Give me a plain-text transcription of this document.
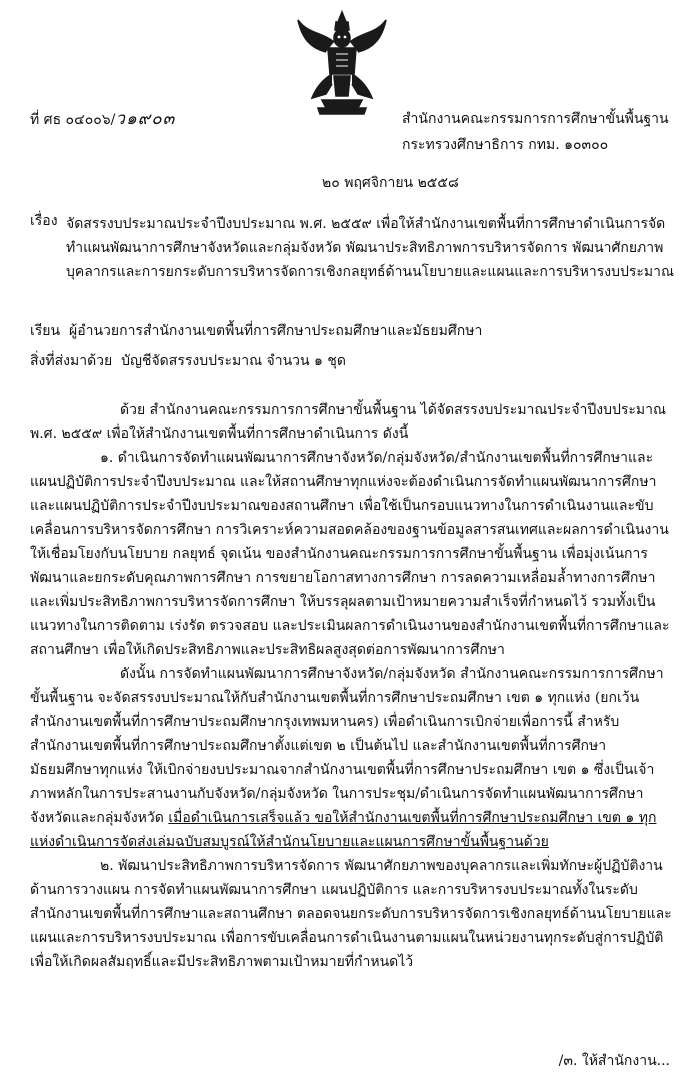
ที่ ศธ ๐๔๐๐๖/ว๑๙๐๓	สำนักงานคณะกรรมการการศึกษาขั้นพื้นฐาน
กระทรวงศึกษาธิการ กทม. ๑๐๓๐๐
๒๐ พฤศจิกายน ๒๕๕๘
เรื่อง จัดสรรงบประมาณประจำปีงบประมาณ พ.ศ. ๒๕๕๙ เพื่อให้สำนักงานเขตพื้นที่การศึกษาดำเนินการจัดทำแผนพัฒนาการศึกษาจังหวัดและกลุ่มจังหวัด พัฒนาประสิทธิภาพการบริหารจัดการ พัฒนาศักยภาพบุคลากรและการยกระดับการบริหารจัดการเชิงกลยุทธ์ด้านนโยบายและแผนและการบริหารงบประมาณ
เรียน ผู้อำนวยการสำนักงานเขตพื้นที่การศึกษาประถมศึกษาและมัธยมศึกษา
สิ่งที่ส่งมาด้วย บัญชีจัดสรรงบประมาณ จำนวน ๑ ชุด

ด้วย สำนักงานคณะกรรมการการศึกษาขั้นพื้นฐาน ได้จัดสรรงบประมาณประจำปีงบประมาณ พ.ศ. ๒๕๕๙ เพื่อให้สำนักงานเขตพื้นที่การศึกษาดำเนินการ ดังนี้

๑. ดำเนินการจัดทำแผนพัฒนาการศึกษาจังหวัด/กลุ่มจังหวัด/สำนักงานเขตพื้นที่การศึกษาและแผนปฏิบัติการประจำปีงบประมาณ และให้สถานศึกษาทุกแห่งจะต้องดำเนินการจัดทำแผนพัฒนาการศึกษาและแผนปฏิบัติการประจำปีงบประมาณของสถานศึกษา เพื่อใช้เป็นกรอบแนวทางในการดำเนินงานและขับเคลื่อนการบริหารจัดการศึกษา การวิเคราะห์ความสอดคล้องของฐานข้อมูลสารสนเทศและผลการดำเนินงานให้เชื่อมโยงกับนโยบาย กลยุทธ์ จุดเน้น ของสำนักงานคณะกรรมการการศึกษาขั้นพื้นฐาน เพื่อมุ่งเน้นการพัฒนาและยกระดับคุณภาพการศึกษา การขยายโอกาสทางการศึกษา การลดความเหลื่อมล้ำทางการศึกษา และเพิ่มประสิทธิภาพการบริหารจัดการศึกษา ให้บรรลุผลตามเป้าหมายความสำเร็จที่กำหนดไว้ รวมทั้งเป็นแนวทางในการติดตาม เร่งรัด ตรวจสอบ และประเมินผลการดำเนินงานของสำนักงานเขตพื้นที่การศึกษาและสถานศึกษา เพื่อให้เกิดประสิทธิภาพและประสิทธิผลสูงสุดต่อการพัฒนาการศึกษา

ดังนั้น การจัดทำแผนพัฒนาการศึกษาจังหวัด/กลุ่มจังหวัด สำนักงานคณะกรรมการการศึกษาขั้นพื้นฐาน จะจัดสรรงบประมาณให้กับสำนักงานเขตพื้นที่การศึกษาประถมศึกษา เขต ๑ ทุกแห่ง (ยกเว้นสำนักงานเขตพื้นที่การศึกษาประถมศึกษากรุงเทพมหานคร) เพื่อดำเนินการเบิกจ่ายเพื่อการนี้ สำหรับสำนักงานเขตพื้นที่การศึกษาประถมศึกษาตั้งแต่เขต ๒ เป็นต้นไป และสำนักงานเขตพื้นที่การศึกษามัธยมศึกษาทุกแห่ง ให้เบิกจ่ายงบประมาณจากสำนักงานเขตพื้นที่การศึกษาประถมศึกษา เขต ๑ ซึ่งเป็นเจ้าภาพหลักในการประสานงานกับจังหวัด/กลุ่มจังหวัด ในการประชุม/ดำเนินการจัดทำแผนพัฒนาการศึกษาจังหวัดและกลุ่มจังหวัด เมื่อดำเนินการเสร็จแล้ว ขอให้สำนักงานเขตพื้นที่การศึกษาประถมศึกษา เขต ๑ ทุกแห่งดำเนินการจัดส่งเล่มฉบับสมบูรณ์ให้สำนักนโยบายและแผนการศึกษาขั้นพื้นฐานด้วย

๒. พัฒนาประสิทธิภาพการบริหารจัดการ พัฒนาศักยภาพของบุคลากรและเพิ่มทักษะผู้ปฏิบัติงานด้านการวางแผน การจัดทำแผนพัฒนาการศึกษา แผนปฏิบัติการ และการบริหารงบประมาณทั้งในระดับสำนักงานเขตพื้นที่การศึกษาและสถานศึกษา ตลอดจนยกระดับการบริหารจัดการเชิงกลยุทธ์ด้านนโยบายและแผนและการบริหารงบประมาณ เพื่อการขับเคลื่อนการดำเนินงานตามแผนในหน่วยงานทุกระดับสู่การปฏิบัติเพื่อให้เกิดผลสัมฤทธิ์และมีประสิทธิภาพตามเป้าหมายที่กำหนดไว้

/๓. ให้สำนักงาน...
